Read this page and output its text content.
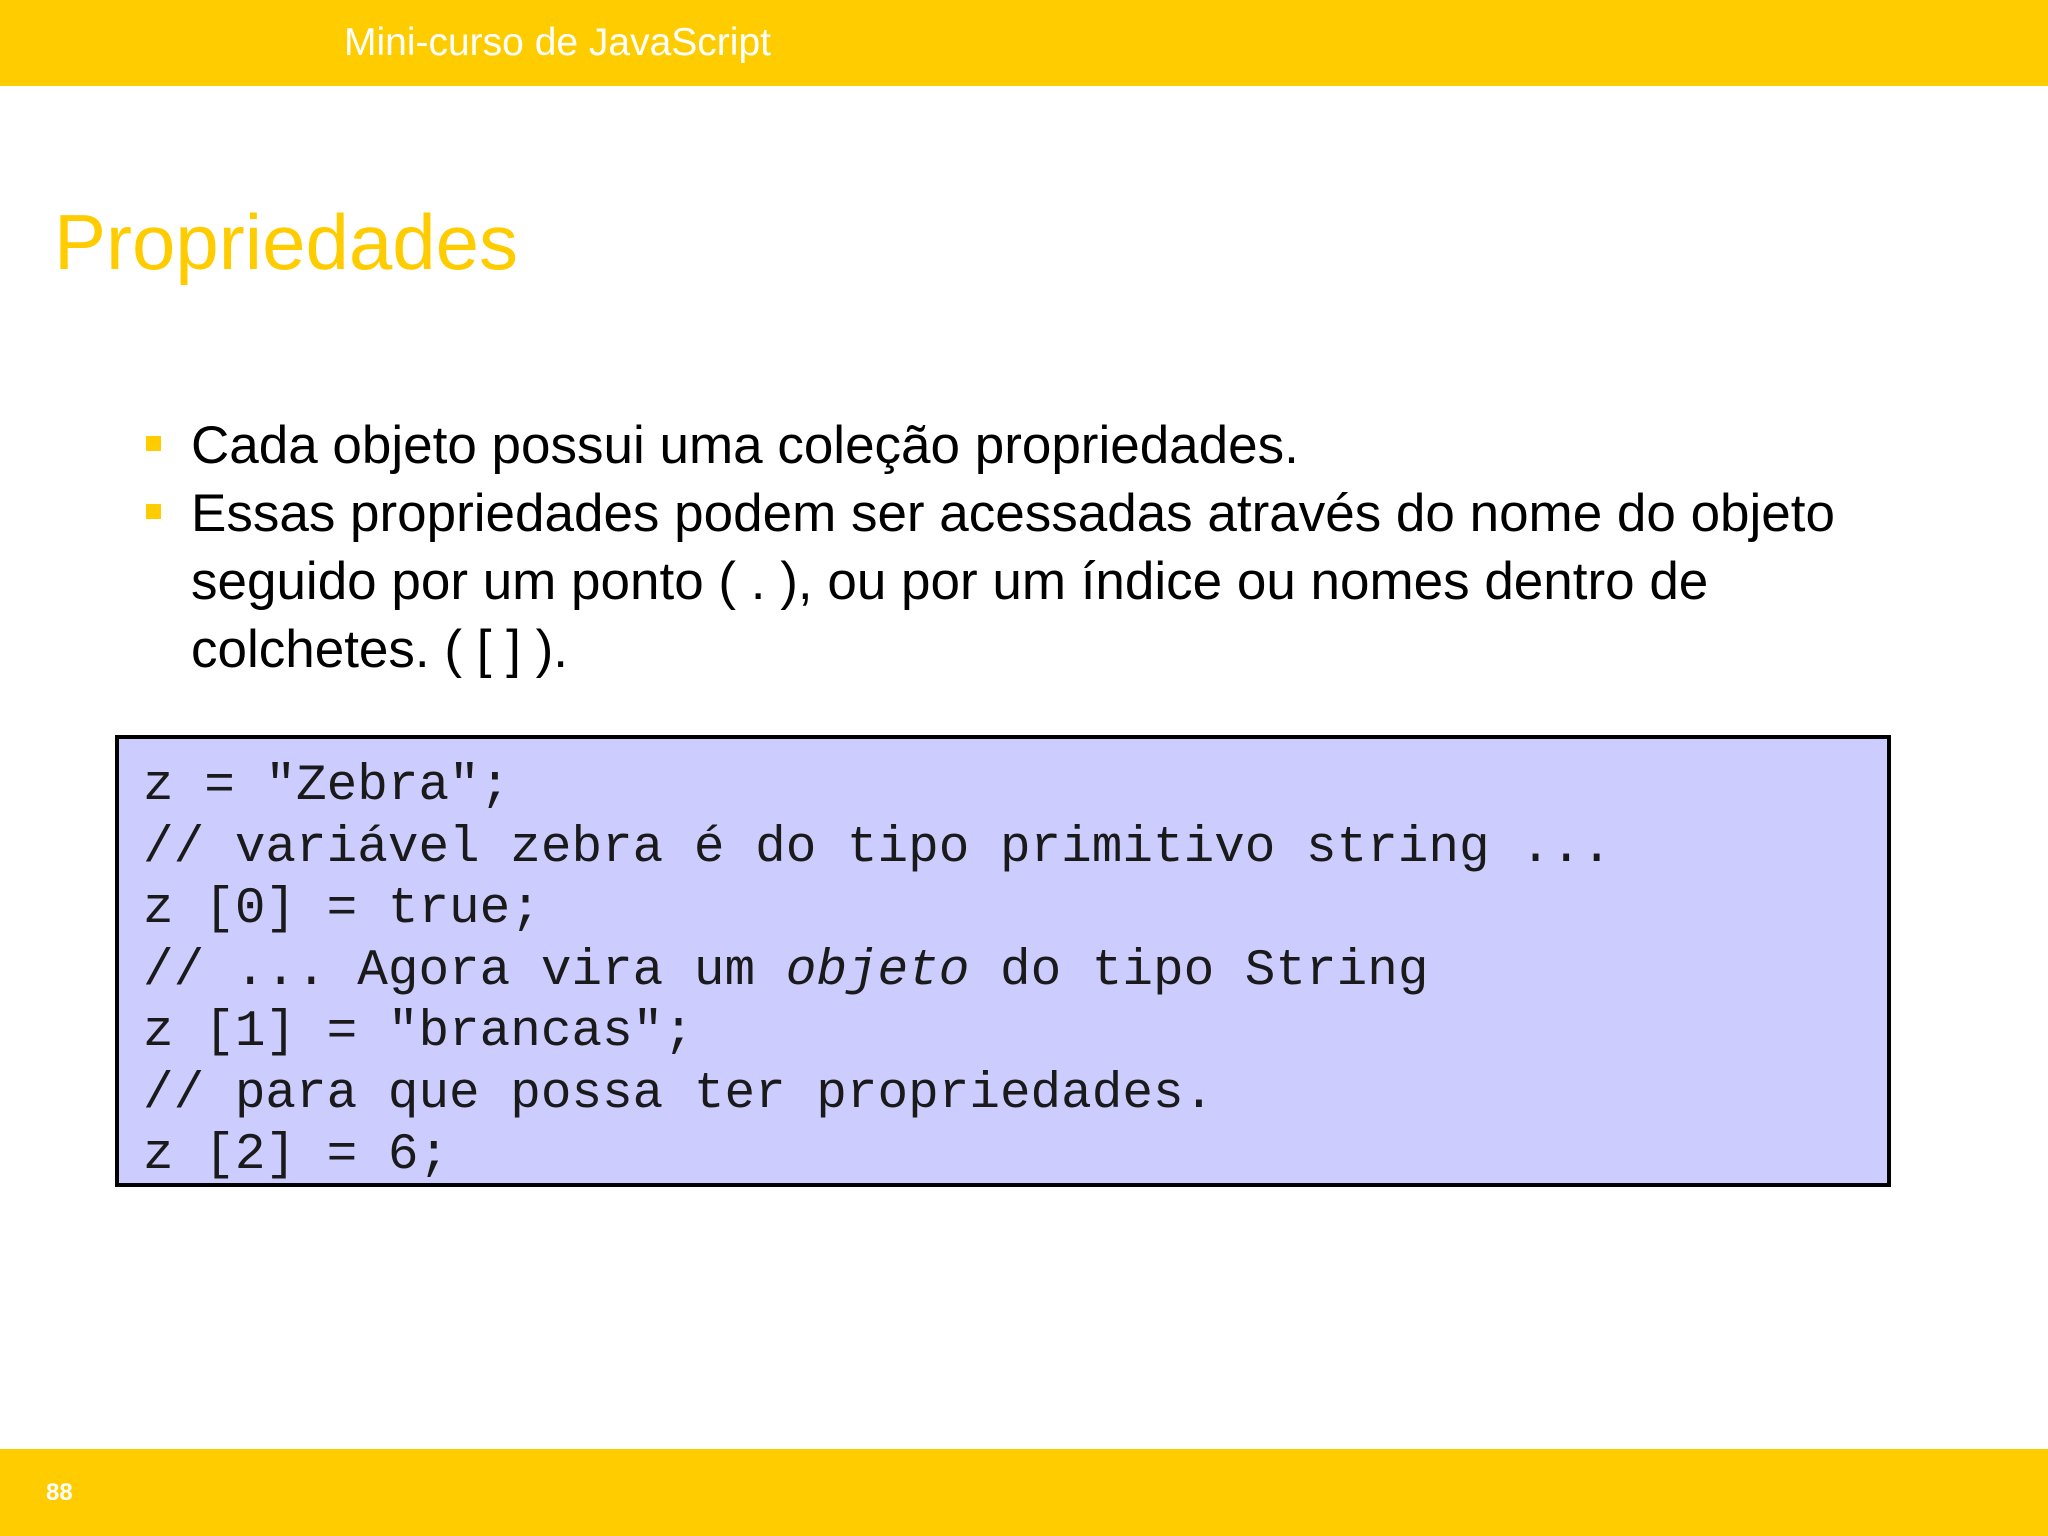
Mini-curso de JavaScript
Propriedades
Cada objeto possui uma coleção propriedades.
Essas propriedades podem ser acessadas através do nome do objeto seguido por um ponto ( . ), ou por um índice ou nomes dentro de colchetes. ( [ ] ).
z = "Zebra";
// variável zebra é do tipo primitivo string ...
z [0] = true;
// ... Agora vira um objeto do tipo String
z [1] = "brancas";
// para que possa ter propriedades.
z [2] = 6;
88
